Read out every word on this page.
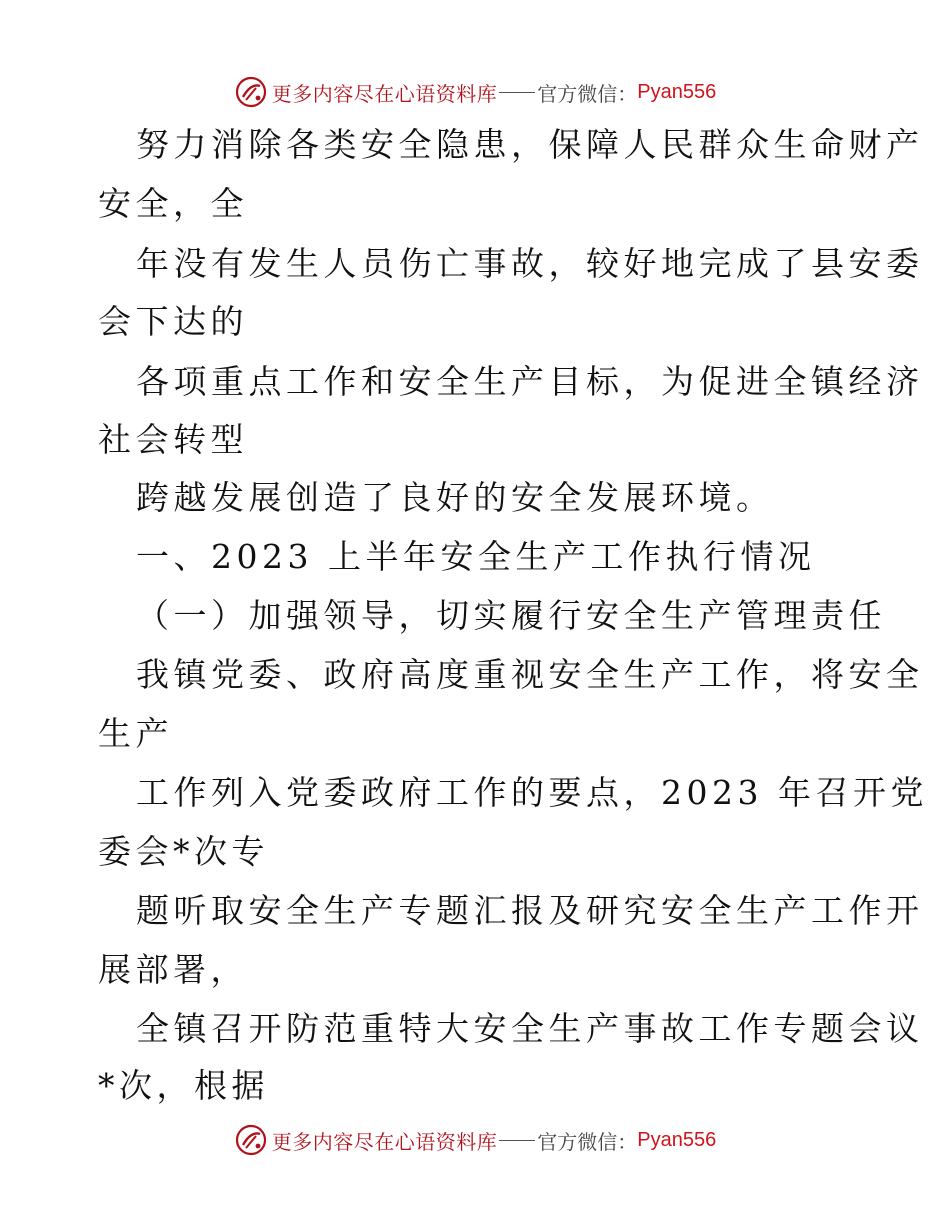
更多内容尽在心语资料库 官方微信： Pyan556
努力消除各类安全隐患，保障人民群众生命财产
安全，全
年没有发生人员伤亡事故，较好地完成了县安委
会下达的
各项重点工作和安全生产目标，为促进全镇经济
社会转型
跨越发展创造了良好的安全发展环境。
一、2023 上半年安全生产工作执行情况
（一）加强领导，切实履行安全生产管理责任
我镇党委、政府高度重视安全生产工作，将安全
生产
工作列入党委政府工作的要点，2023 年召开党
委会*次专
题听取安全生产专题汇报及研究安全生产工作开
展部署，
全镇召开防范重特大安全生产事故工作专题会议
*次，根据
更多内容尽在心语资料库 官方微信： Pyan556
